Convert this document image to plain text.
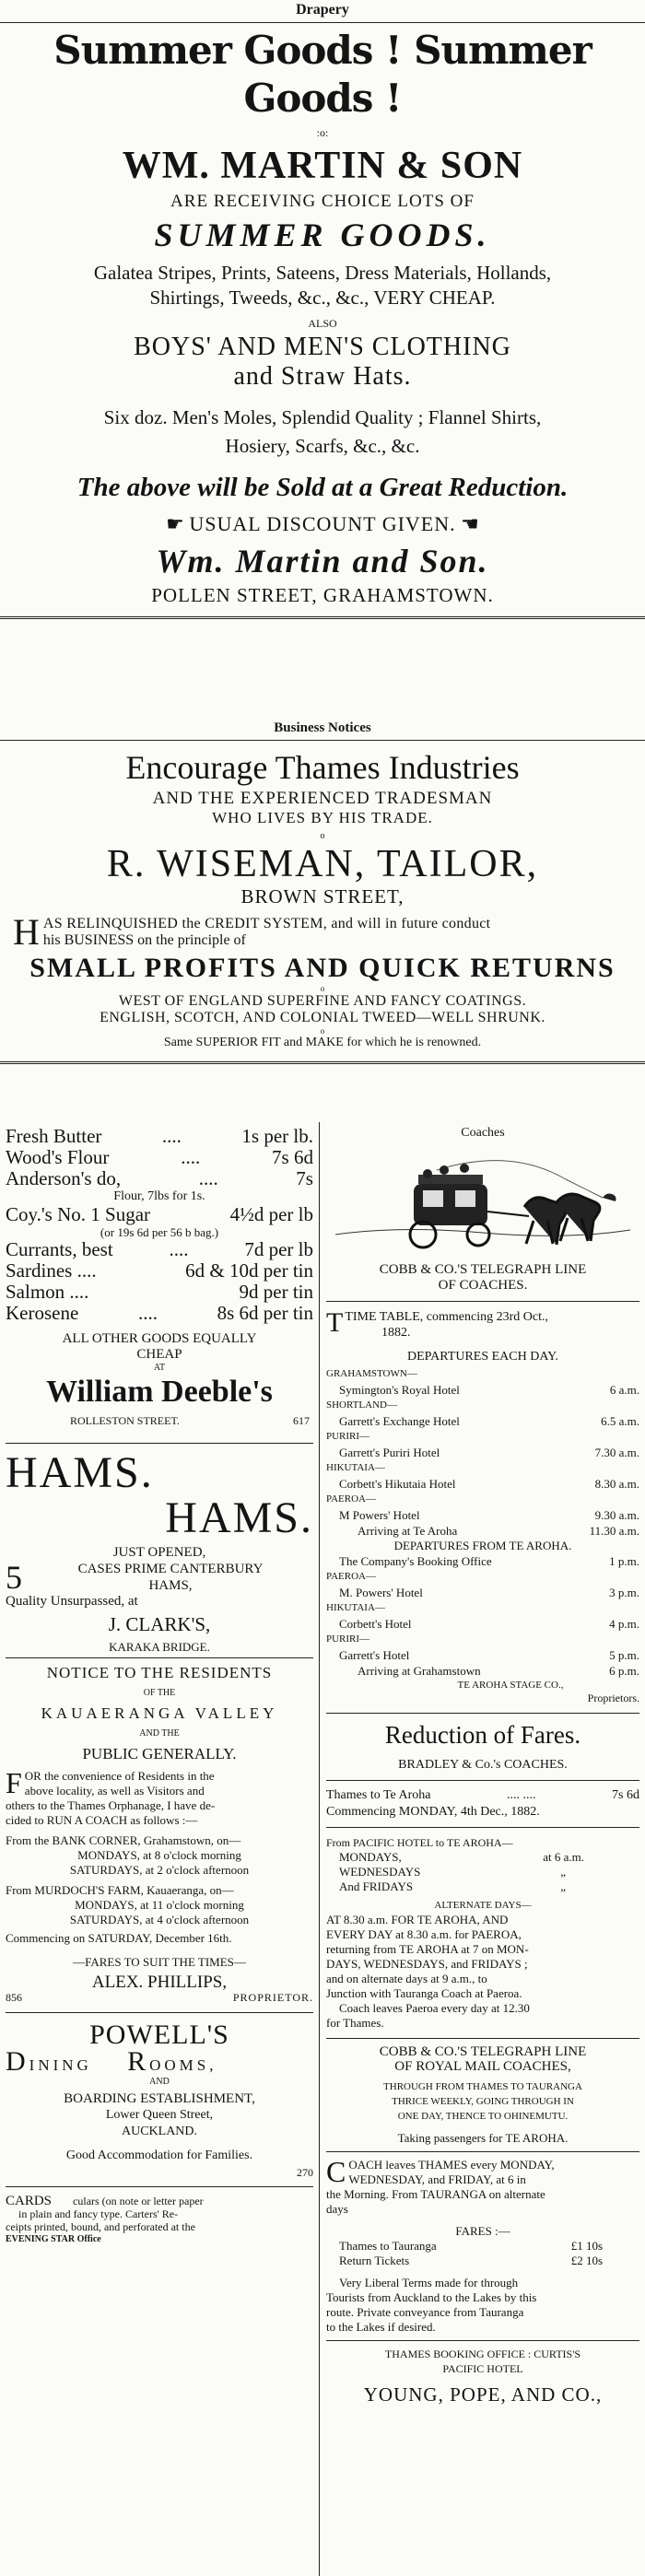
Drapery
Summer Goods ! Summer Goods !
:o:
WM. MARTIN & SON
ARE RECEIVING CHOICE LOTS OF
SUMMER GOODS.
Galatea Stripes, Prints, Sateens, Dress Materials, Hollands,
Shirtings, Tweeds, &c., &c., VERY CHEAP.
ALSO
BOYS' AND MEN'S CLOTHING
and Straw Hats.
Six doz. Men's Moles, Splendid Quality ; Flannel Shirts,
Hosiery, Scarfs, &c., &c.
The above will be Sold at a Great Reduction.
☛ USUAL DISCOUNT GIVEN. ☚
Wm. Martin and Son.
POLLEN STREET, GRAHAMSTOWN.
Business Notices
Encourage Thames Industries
AND THE EXPERIENCED TRADESMAN
WHO LIVES BY HIS TRADE.
o
R. WISEMAN, TAILOR,
BROWN STREET,
H AS RELINQUISHED the CREDIT SYSTEM, and will in future conduct
his BUSINESS on the principle of
SMALL PROFITS AND QUICK RETURNS
o
WEST OF ENGLAND SUPERFINE AND FANCY COATINGS.
ENGLISH, SCOTCH, AND COLONIAL TWEED—WELL SHRUNK.
o
Same SUPERIOR FIT and MAKE for which he is renowned.
Fresh Butter	....	1s per lb.
Wood's Flour	....	7s 6d
Anderson's do,	....	7s
Flour, 7lbs for 1s.
Coy.'s No. 1 Sugar	4½d per lb
(or 19s 6d per 56 b bag.)
Currants, best	....	7d per lb
Sardines ....	6d & 10d per tin
Salmon ....	9d per tin
Kerosene	....	8s 6d per tin
ALL OTHER GOODS EQUALLY
CHEAP
AT
William Deeble's
ROLLESTON STREET.	617
HAMS.
HAMS.
JUST OPENED,
5	CASES PRIME CANTERBURY
HAMS,
Quality Unsurpassed, at
J. CLARK'S,
KARAKA BRIDGE.
NOTICE TO THE RESIDENTS
OF THE
KAUAERANGA VALLEY
AND THE
PUBLIC GENERALLY.
F OR the convenience of Residents in the
above locality, as well as Visitors and
others to the Thames Orphanage, I have de-
cided to RUN A COACH as follows :—
From the BANK CORNER, Grahamstown, on—
MONDAYS, at 8 o'clock morning
SATURDAYS, at 2 o'clock afternoon
From MURDOCH'S FARM, Kauaeranga, on—
MONDAYS, at 11 o'clock morning
SATURDAYS, at 4 o'clock afternoon
Commencing on SATURDAY, December 16th.
—FARES TO SUIT THE TIMES—
ALEX. PHILLIPS,
856	PROPRIETOR.
POWELL'S
DINING ROOMS,
AND
BOARDING ESTABLISHMENT,
Lower Queen Street,
AUCKLAND.
Good Accommodation for Families.
270
CARDS culars (on note or letter paper
in plain and fancy type. Carters' Re-
ceipts printed, bound, and perforated at the
EVENING STAR Office
Coaches
COBB & CO.'S TELEGRAPH LINE
OF COACHES.
T TIME TABLE, commencing 23rd Oct.,
1882.
DEPARTURES EACH DAY.
GRAHAMSTOWN—
Symington's Royal Hotel	6 a.m.
SHORTLAND—
Garrett's Exchange Hotel	6.5 a.m.
PURIRI—
Garrett's Puriri Hotel	7.30 a.m.
HIKUTAIA—
Corbett's Hikutaia Hotel	8.30 a.m.
PAEROA—
M Powers' Hotel	9.30 a.m.
Arriving at Te Aroha	11.30 a.m.
DEPARTURES FROM TE AROHA.
The Company's Booking Office	1 p.m.
PAEROA—
M. Powers' Hotel	3 p.m.
HIKUTAIA—
Corbett's Hotel	4 p.m.
PURIRI—
Garrett's Hotel	5 p.m.
Arriving at Grahamstown	6 p.m.
TE AROHA STAGE CO.,
Proprietors.
Reduction of Fares.
BRADLEY & Co.'s COACHES.
Thames to Te Aroha	.... ....	7s 6d
Commencing MONDAY, 4th Dec., 1882.
From PACIFIC HOTEL to TE AROHA—
MONDAYS,	at 6 a.m.
WEDNESDAYS	„
And FRIDAYS	„
ALTERNATE DAYS—
AT 8.30 a.m. FOR TE AROHA, AND
EVERY DAY at 8.30 a.m. for PAEROA,
returning from TE AROHA at 7 on MON-
DAYS, WEDNESDAYS, and FRIDAYS ;
and on alternate days at 9 a.m., to
Junction with Tauranga Coach at Paeroa.
Coach leaves Paeroa every day at 12.30
for Thames.
COBB & CO.'S TELEGRAPH LINE
OF ROYAL MAIL COACHES,
THROUGH FROM THAMES TO TAURANGA
THRICE WEEKLY, GOING THROUGH IN
ONE DAY, THENCE TO OHINEMUTU.
Taking passengers for TE AROHA.
C OACH leaves THAMES every MONDAY,
WEDNESDAY, and FRIDAY, at 6 in
the Morning. From TAURANGA on alternate
days
FARES :—
Thames to Tauranga	£1 10s
Return Tickets	£2 10s
Very Liberal Terms made for through
Tourists from Auckland to the Lakes by this
route. Private conveyance from Tauranga
to the Lakes if desired.
THAMES BOOKING OFFICE : CURTIS'S
PACIFIC HOTEL
YOUNG, POPE, AND CO.,
